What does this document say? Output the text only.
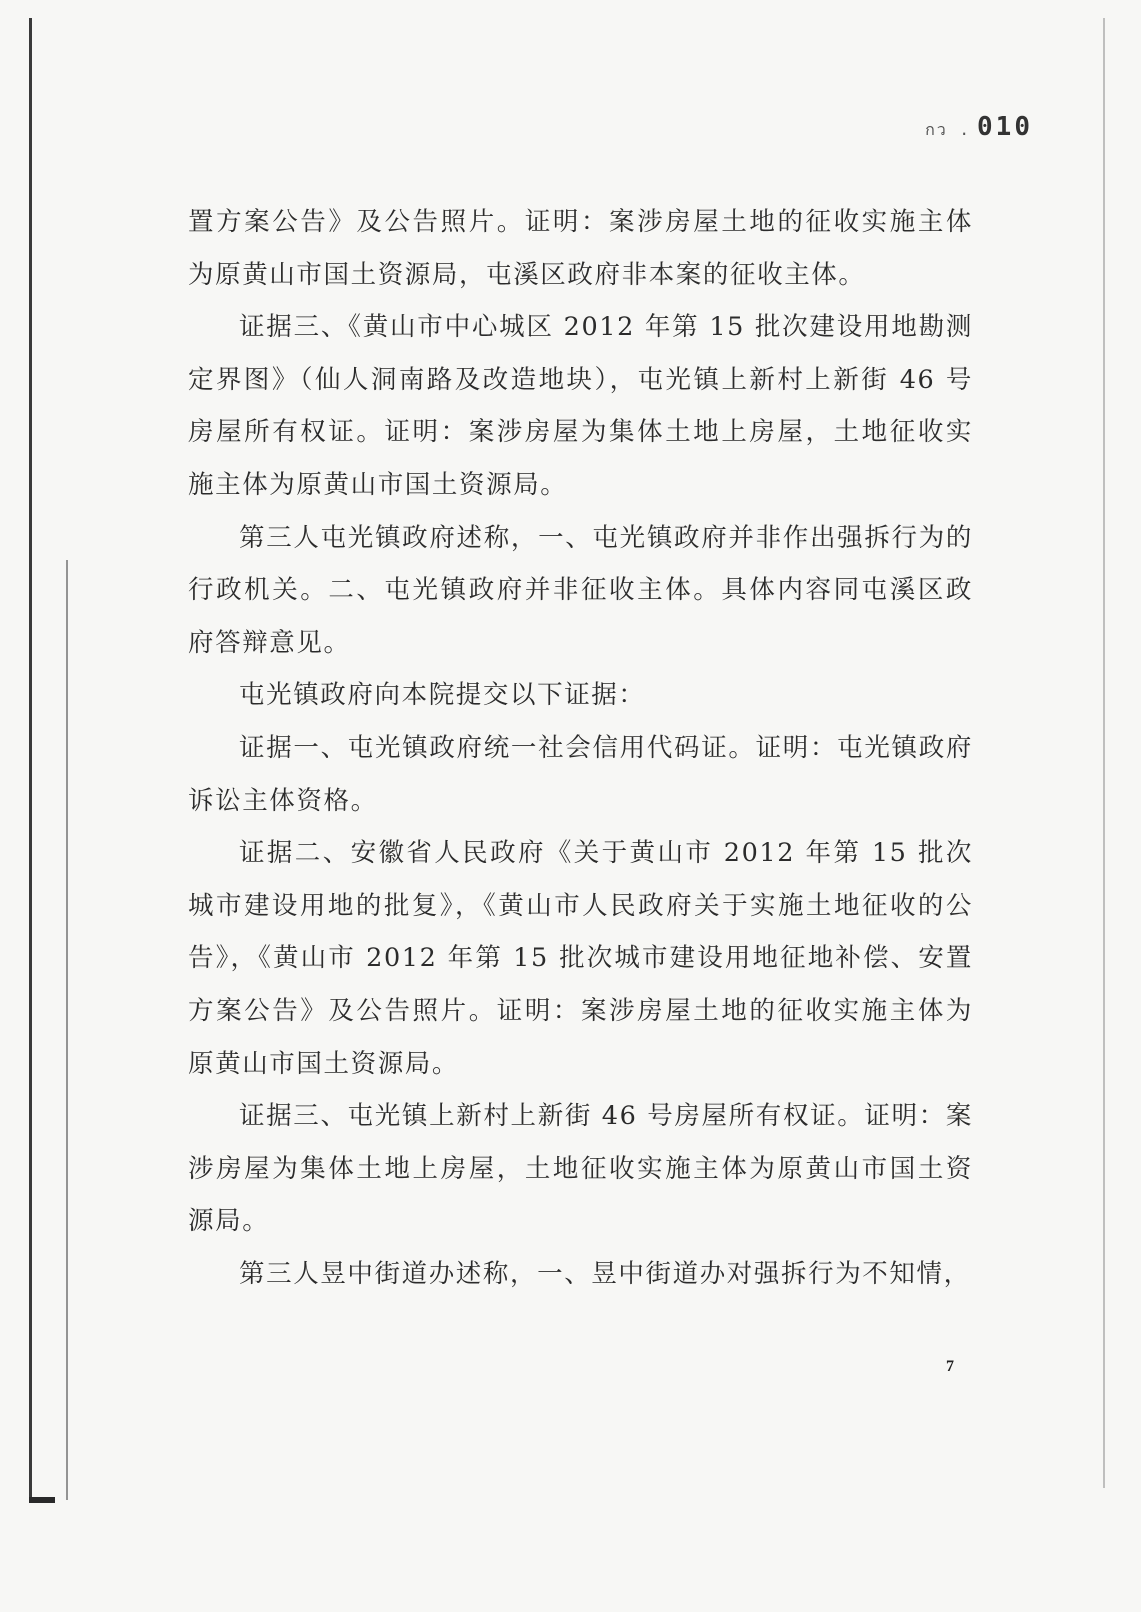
กว . 010

置方案公告》及公告照片。证明：案涉房屋土地的征收实施主体为原黄山市国土资源局，屯溪区政府非本案的征收主体。

证据三、《黄山市中心城区 2012 年第 15 批次建设用地勘测定界图》（仙人洞南路及改造地块），屯光镇上新村上新街 46 号房屋所有权证。证明：案涉房屋为集体土地上房屋，土地征收实施主体为原黄山市国土资源局。

第三人屯光镇政府述称，一、屯光镇政府并非作出强拆行为的行政机关。二、屯光镇政府并非征收主体。具体内容同屯溪区政府答辩意见。

屯光镇政府向本院提交以下证据：

证据一、屯光镇政府统一社会信用代码证。证明：屯光镇政府诉讼主体资格。

证据二、安徽省人民政府《关于黄山市 2012 年第 15 批次城市建设用地的批复》，《黄山市人民政府关于实施土地征收的公告》，《黄山市 2012 年第 15 批次城市建设用地征地补偿、安置方案公告》及公告照片。证明：案涉房屋土地的征收实施主体为原黄山市国土资源局。

证据三、屯光镇上新村上新街 46 号房屋所有权证。证明：案涉房屋为集体土地上房屋，土地征收实施主体为原黄山市国土资源局。

第三人昱中街道办述称，一、昱中街道办对强拆行为不知情，

7
